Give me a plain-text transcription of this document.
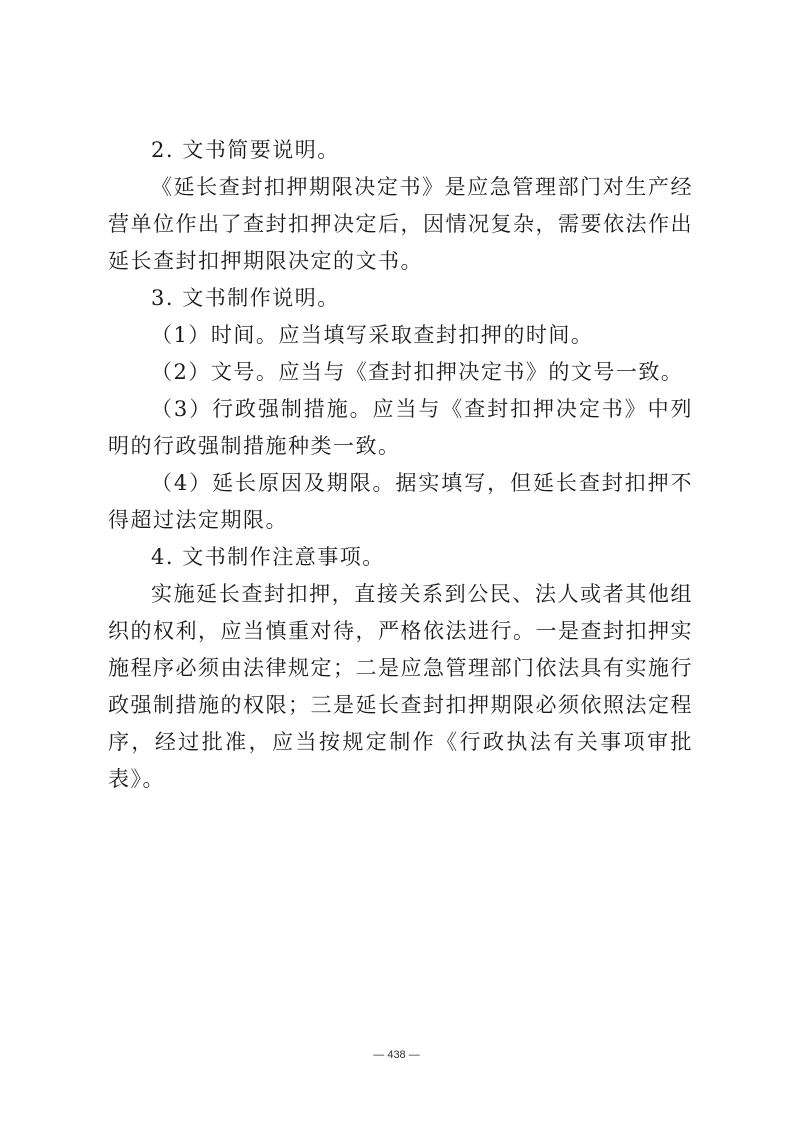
2. 文书简要说明。

《延长查封扣押期限决定书》是应急管理部门对生产经营单位作出了查封扣押决定后，因情况复杂，需要依法作出延长查封扣押期限决定的文书。

3. 文书制作说明。

（1）时间。应当填写采取查封扣押的时间。

（2）文号。应当与《查封扣押决定书》的文号一致。

（3）行政强制措施。应当与《查封扣押决定书》中列明的行政强制措施种类一致。

（4）延长原因及期限。据实填写，但延长查封扣押不得超过法定期限。

4. 文书制作注意事项。

实施延长查封扣押，直接关系到公民、法人或者其他组织的权利，应当慎重对待，严格依法进行。一是查封扣押实施程序必须由法律规定；二是应急管理部门依法具有实施行政强制措施的权限；三是延长查封扣押期限必须依照法定程序，经过批准，应当按规定制作《行政执法有关事项审批表》。

— 438 —
